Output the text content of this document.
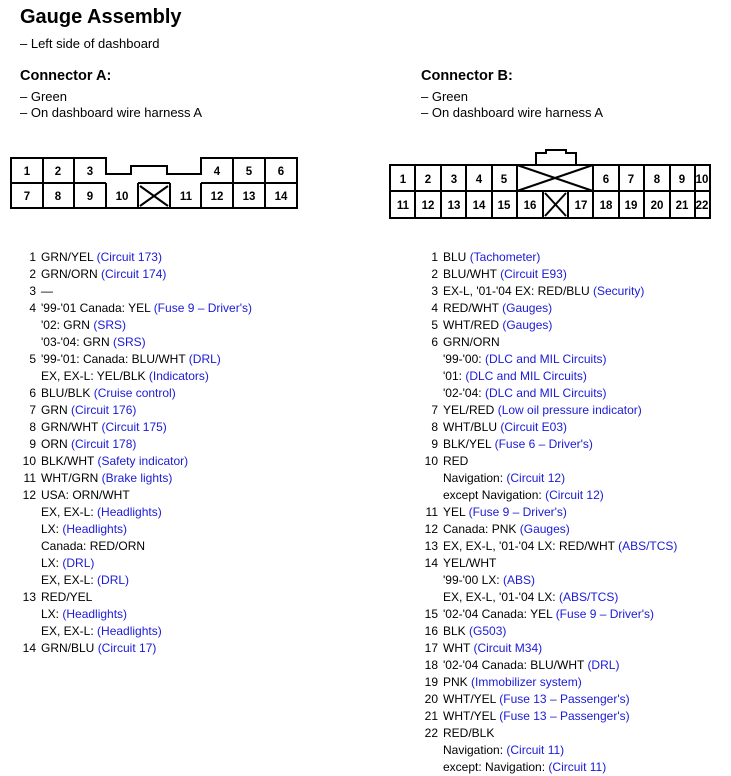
Gauge Assembly
– Left side of dashboard
Connector A:
– Green
– On dashboard wire harness A
Connector B:
– Green
– On dashboard wire harness A
1 2 3	4 5 6
7 8 9 10	11 12 13 14
1 2 3 4 5	6 7 8 9 10
11 12 13 14 15 16	17 18 19 20 21 22
1 GRN/YEL (Circuit 173)
2 GRN/ORN (Circuit 174)
3 —
4 '99-'01 Canada: YEL (Fuse 9 – Driver's)
'02: GRN (SRS)
'03-'04: GRN (SRS)
5 '99-'01: Canada: BLU/WHT (DRL)
EX, EX-L: YEL/BLK (Indicators)
6 BLU/BLK (Cruise control)
7 GRN (Circuit 176)
8 GRN/WHT (Circuit 175)
9 ORN (Circuit 178)
10 BLK/WHT (Safety indicator)
11 WHT/GRN (Brake lights)
12 USA: ORN/WHT
EX, EX-L: (Headlights)
LX: (Headlights)
Canada: RED/ORN
LX: (DRL)
EX, EX-L: (DRL)
13 RED/YEL
LX: (Headlights)
EX, EX-L: (Headlights)
14 GRN/BLU (Circuit 17)
1 BLU (Tachometer)
2 BLU/WHT (Circuit E93)
3 EX-L, '01-'04 EX: RED/BLU (Security)
4 RED/WHT (Gauges)
5 WHT/RED (Gauges)
6 GRN/ORN
'99-'00: (DLC and MIL Circuits)
'01: (DLC and MIL Circuits)
'02-'04: (DLC and MIL Circuits)
7 YEL/RED (Low oil pressure indicator)
8 WHT/BLU (Circuit E03)
9 BLK/YEL (Fuse 6 – Driver's)
10 RED
Navigation: (Circuit 12)
except Navigation: (Circuit 12)
11 YEL (Fuse 9 – Driver's)
12 Canada: PNK (Gauges)
13 EX, EX-L, '01-'04 LX: RED/WHT (ABS/TCS)
14 YEL/WHT
'99-'00 LX: (ABS)
EX, EX-L, '01-'04 LX: (ABS/TCS)
15 '02-'04 Canada: YEL (Fuse 9 – Driver's)
16 BLK (G503)
17 WHT (Circuit M34)
18 '02-'04 Canada: BLU/WHT (DRL)
19 PNK (Immobilizer system)
20 WHT/YEL (Fuse 13 – Passenger's)
21 WHT/YEL (Fuse 13 – Passenger's)
22 RED/BLK
Navigation: (Circuit 11)
except: Navigation: (Circuit 11)
